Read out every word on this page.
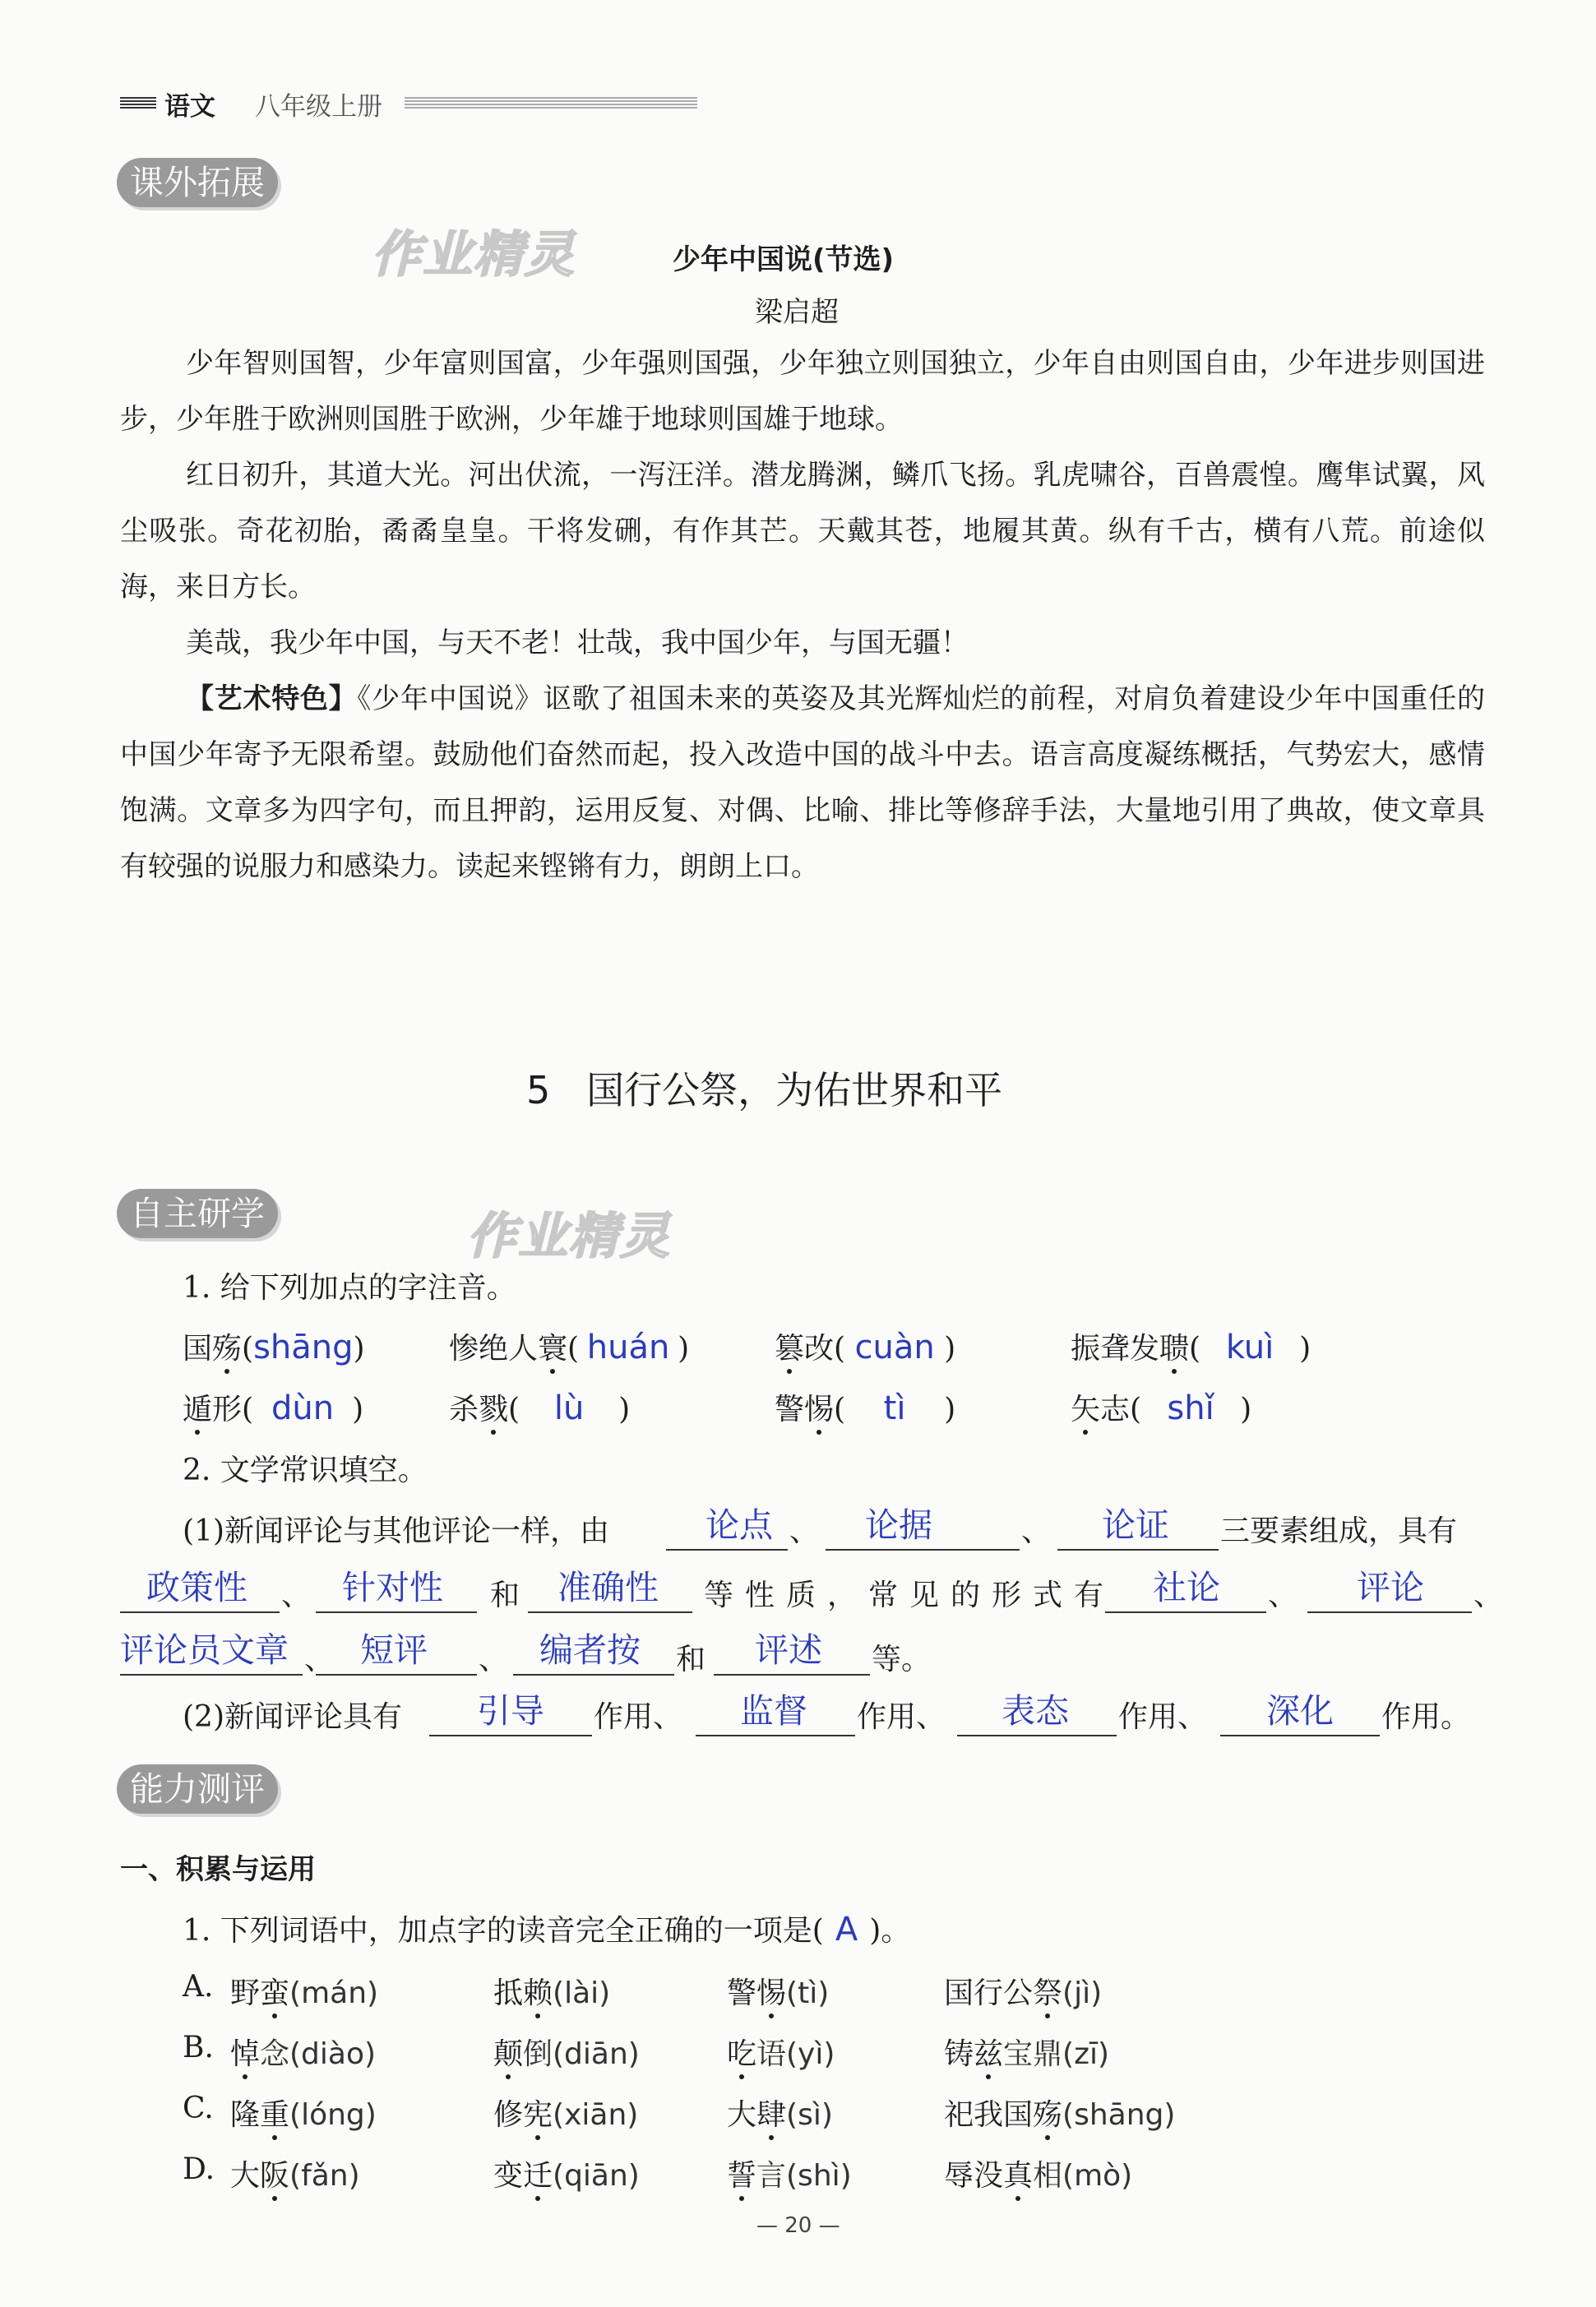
语文 八年级上册
课外拓展
作业精灵	少年中国说(节选)
梁启超

少年智则国智，少年富则国富，少年强则国强，少年独立则国独立，少年自由则国自由，少年进步则国进步，少年胜于欧洲则国胜于欧洲，少年雄于地球则国雄于地球。

红日初升，其道大光。河出伏流，一泻汪洋。潜龙腾渊，鳞爪飞扬。乳虎啸谷，百兽震惶。鹰隼试翼，风尘吸张。奇花初胎，矞矞皇皇。干将发硎，有作其芒。天戴其苍，地履其黄。纵有千古，横有八荒。前途似海，来日方长。

美哉，我少年中国，与天不老！壮哉，我中国少年，与国无疆！

【艺术特色】《少年中国说》讴歌了祖国未来的英姿及其光辉灿烂的前程，对肩负着建设少年中国重任的中国少年寄予无限希望。鼓励他们奋然而起，投入改造中国的战斗中去。语言高度凝练概括，气势宏大，感情饱满。文章多为四字句，而且押韵，运用反复、对偶、比喻、排比等修辞手法，大量地引用了典故，使文章具有较强的说服力和感染力。读起来铿锵有力，朗朗上口。

5 国行公祭，为佑世界和平
自主研学	作业精灵
1. 给下列加点的字注音。
国殇(shāng)	惨绝人寰( huán )	篡改( cuàn )	振聋发聩( kuì )
遁形( dùn )	杀戮( lù )	警惕( tì )	矢志( shǐ )
2. 文学常识填空。
(1)新闻评论与其他评论一样，由	论点 、 论据	、 论证 三要素组成，具有
政策性 、 针对性 和 准确性 等性质，常见的形式有 社论 、 评论 、
评论员文章 、 短评 、 编者按 和 评述 等。
(2)新闻评论具有 引导 作用、 监督 作用、 表态 作用、 深化 作用。
能力测评
一、积累与运用
1. 下列词语中，加点字的读音完全正确的一项是( A )。
A. 野蛮(mán)	抵赖(lài)	警惕(tì)	国行公祭(jì)
B. 悼念(diào)	颠倒(diān)	吃语(yì)	铸兹宝鼎(zī)
C. 隆重(lóng)	修宪(xiān)	大肆(sì)	祀我国殇(shāng)
D. 大阪(fǎn)	变迁(qiān)	誓言(shì)	辱没真相(mò)
— 20 —
